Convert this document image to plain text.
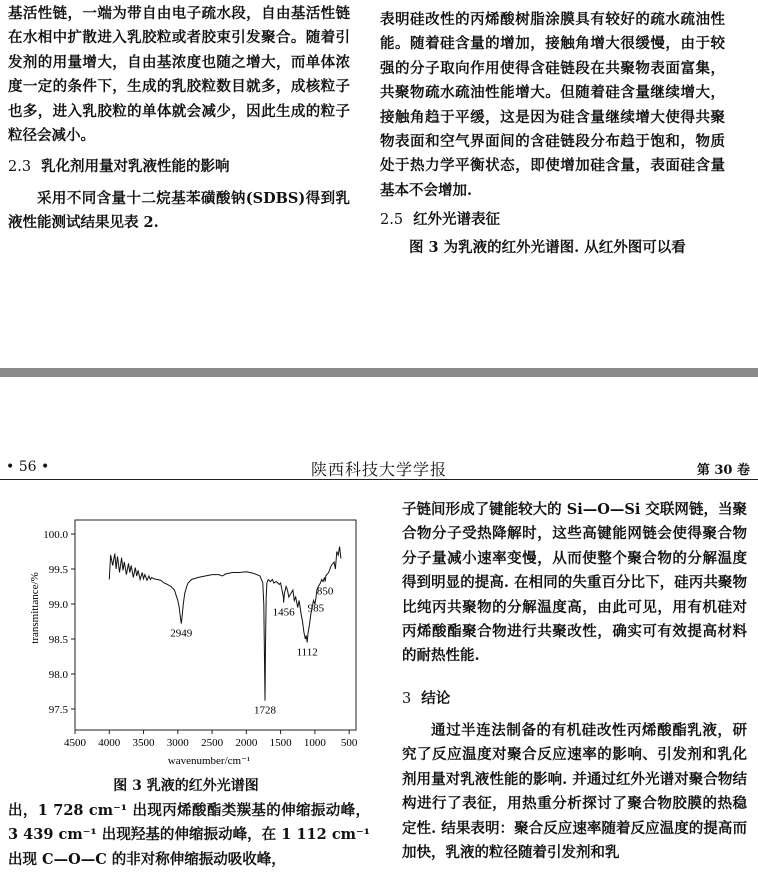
基活性链，一端为带自由电子疏水段，自由基活性链在水相中扩散进入乳胶粒或者胶束引发聚合。随着引发剂的用量增大，自由基浓度也随之增大，而单体浓度一定的条件下，生成的乳胶粒数目就多，成核粒子也多，进入乳胶粒的单体就会减少，因此生成的粒子粒径会减小。

2.3 乳化剂用量对乳液性能的影响

采用不同含量十二烷基苯磺酸钠(SDBS)得到乳液性能测试结果见表 2.

表明硅改性的丙烯酸树脂涂膜具有较好的疏水疏油性能。随着硅含量的增加，接触角增大很缓慢，由于较强的分子取向作用使得含硅链段在共聚物表面富集，共聚物疏水疏油性能增大。但随着硅含量继续增大，接触角趋于平缓，这是因为硅含量继续增大使得共聚物表面和空气界面间的含硅链段分布趋于饱和，物质处于热力学平衡状态，即使增加硅含量，表面硅含量基本不会增加.

2.5 红外光谱表征

图 3 为乳液的红外光谱图. 从红外图可以看

• 56 •	陕西科技大学学报	第 30 卷
4500 4000 3500 3000 2500 2000 1500 1000 500
100.0
99.5
99.0
98.5
98.0
97.5
2949
1728
1456
1112
985
850
wavenumber/cm⁻¹
transmittance/%
图 3 乳液的红外光谱图

出，1 728 cm⁻¹ 出现丙烯酸酯类羰基的伸缩振动峰，3 439 cm⁻¹ 出现羟基的伸缩振动峰，在 1 112 cm⁻¹ 出现 C—O—C 的非对称伸缩振动吸收峰，

子链间形成了键能较大的 Si—O—Si 交联网链，当聚合物分子受热降解时，这些高键能网链会使得聚合物分子量减小速率变慢，从而使整个聚合物的分解温度得到明显的提高. 在相同的失重百分比下，硅丙共聚物比纯丙共聚物的分解温度高，由此可见，用有机硅对丙烯酸酯聚合物进行共聚改性，确实可有效提高材料的耐热性能.

3 结论

通过半连法制备的有机硅改性丙烯酸酯乳液，研究了反应温度对聚合反应速率的影响、引发剂和乳化剂用量对乳液性能的影响. 并通过红外光谱对聚合物结构进行了表征，用热重分析探讨了聚合物胶膜的热稳定性. 结果表明：聚合反应速率随着反应温度的提高而加快，乳液的粒径随着引发剂和乳
